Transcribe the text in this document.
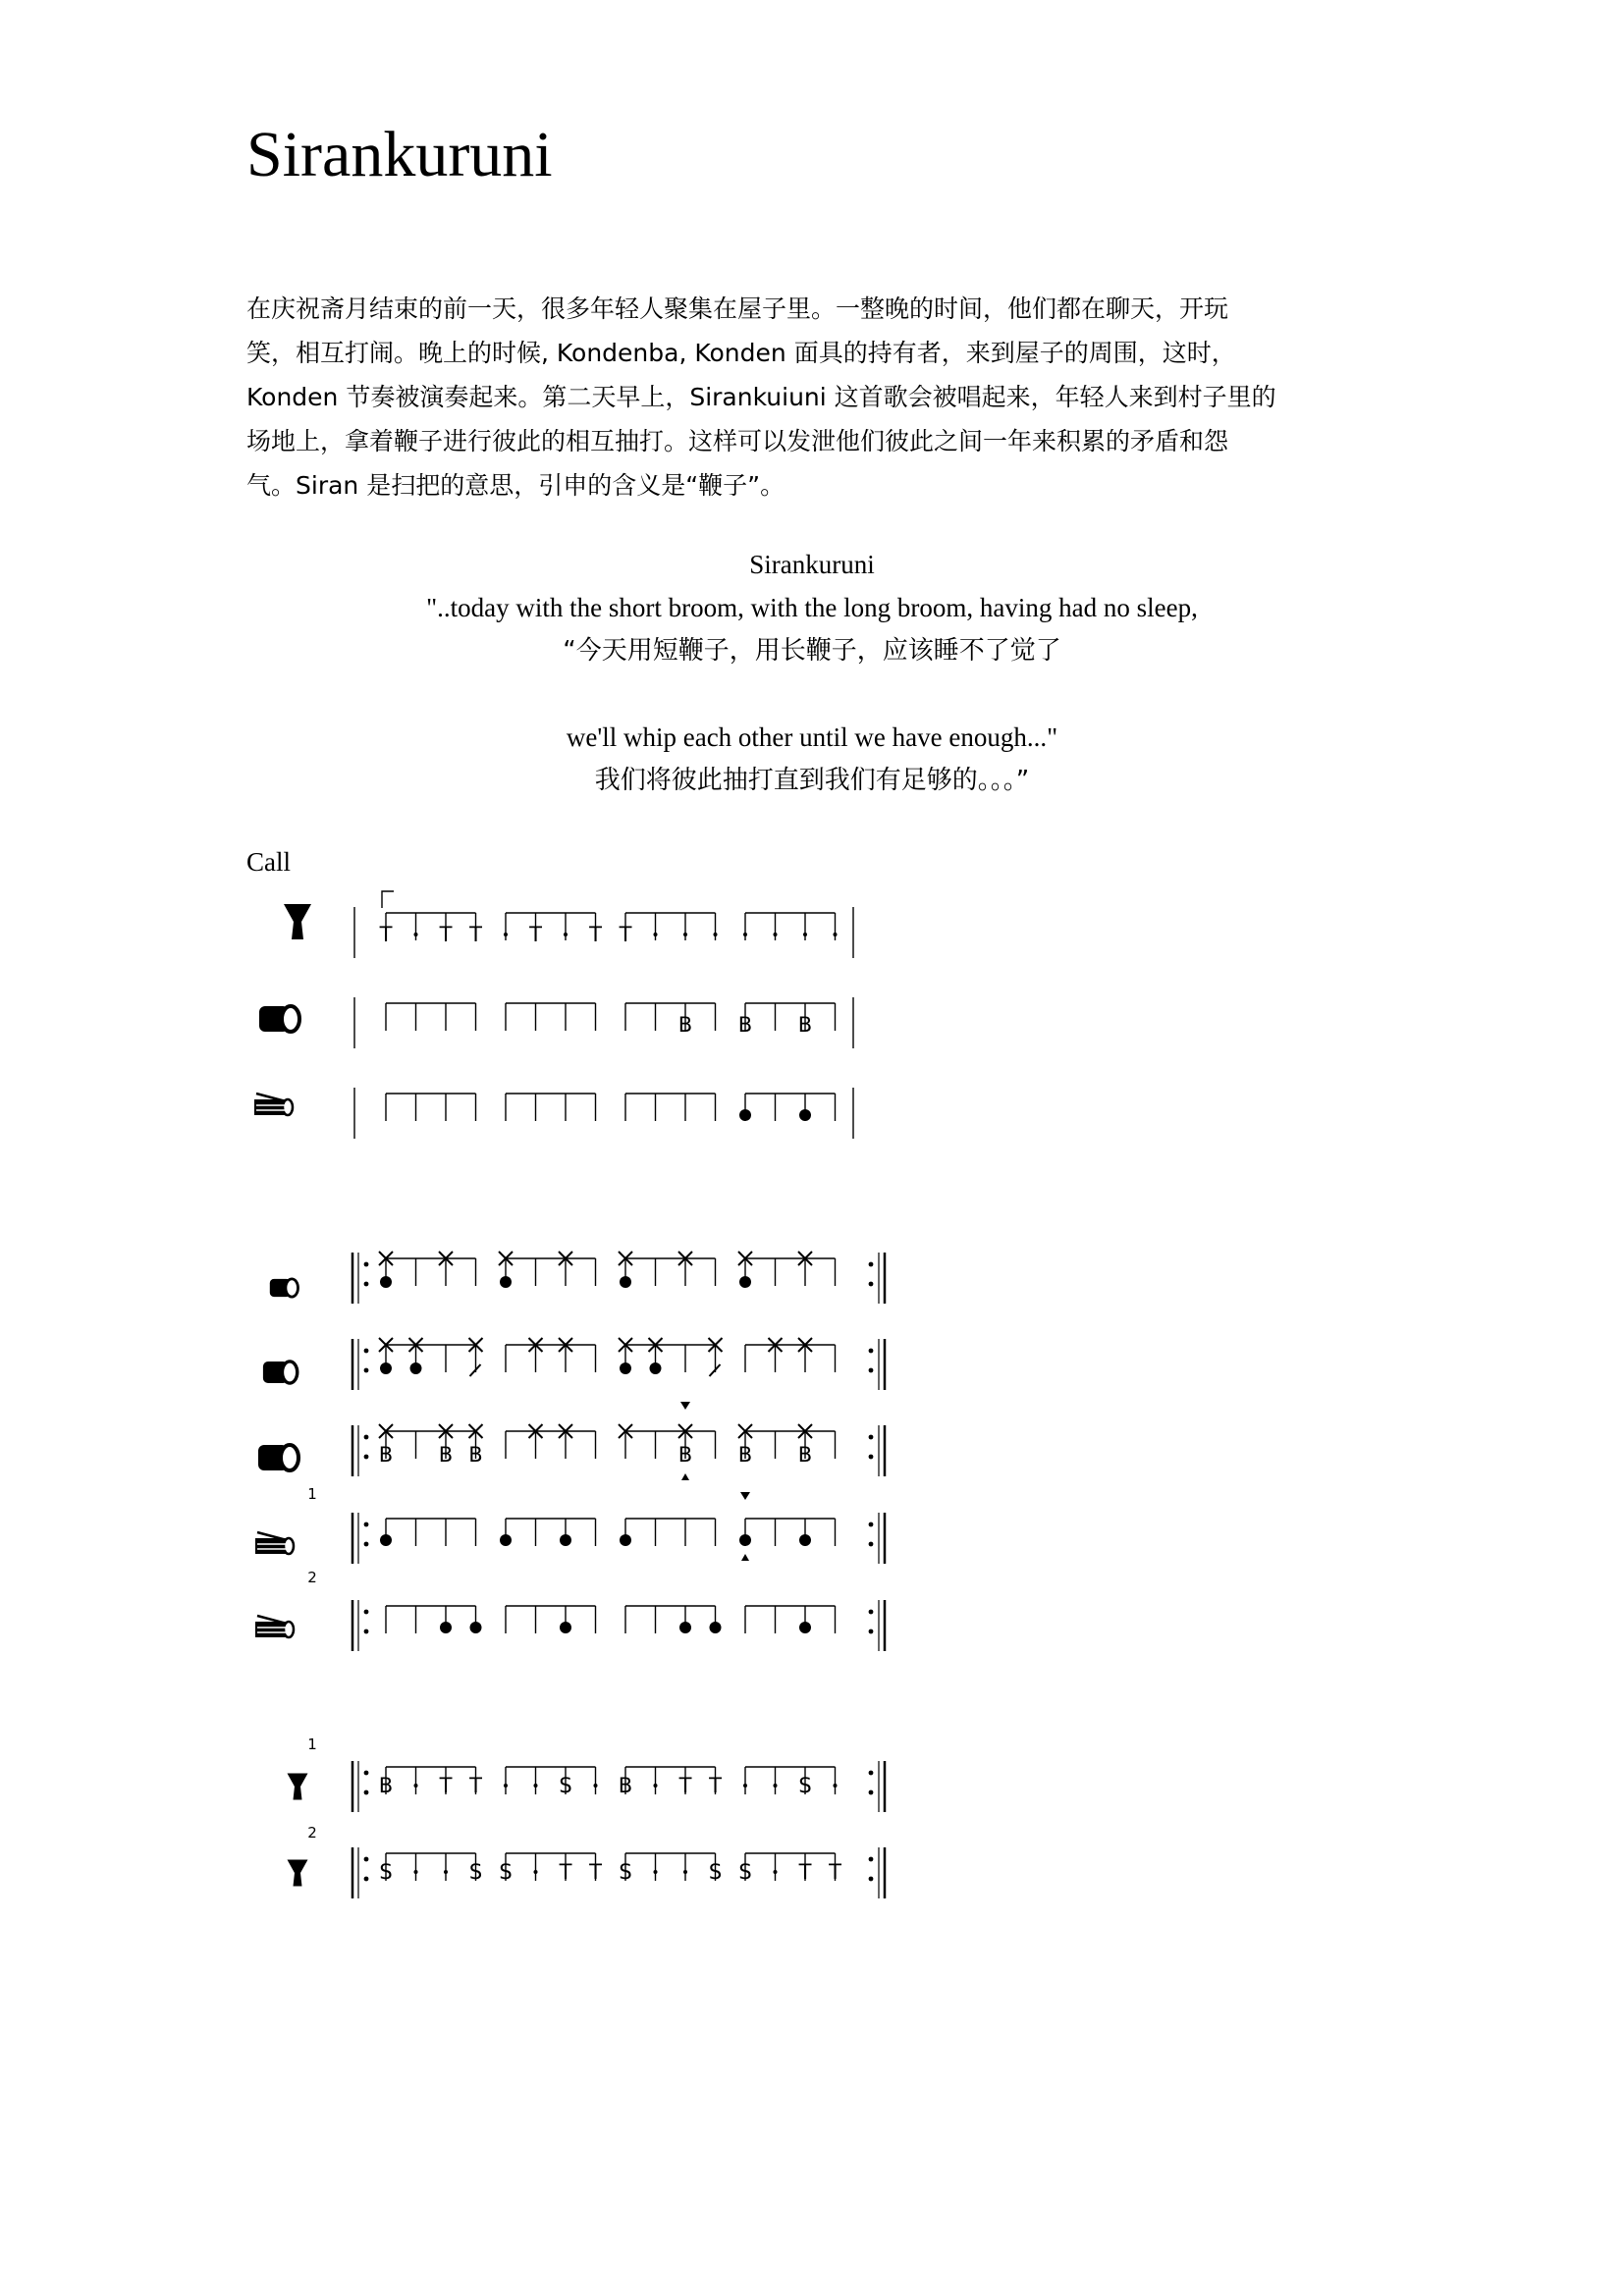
Sirankuruni

在庆祝斋月结束的前一天，很多年轻人聚集在屋子里。一整晚的时间，他们都在聊天，开玩

笑，相互打闹。晚上的时候, Kondenba, Konden 面具的持有者，来到屋子的周围，这时，

Konden 节奏被演奏起来。第二天早上，Sirankuiuni 这首歌会被唱起来，年轻人来到村子里的

场地上，拿着鞭子进行彼此的相互抽打。这样可以发泄他们彼此之间一年来积累的矛盾和怨

气。Siran 是扫把的意思，引申的含义是“鞭子”。

Sirankuruni
"..today with the short broom, with the long broom, having had no sleep,
“今天用短鞭子，用长鞭子，应该睡不了觉了
we'll whip each other until we have enough..."
我们将彼此抽打直到我们有足够的。。。”
Call
T T T T T T
B B B
B B B	B B B
1
2
1
B T T	S B T T	S
2
S	S S T T S	S S T T
